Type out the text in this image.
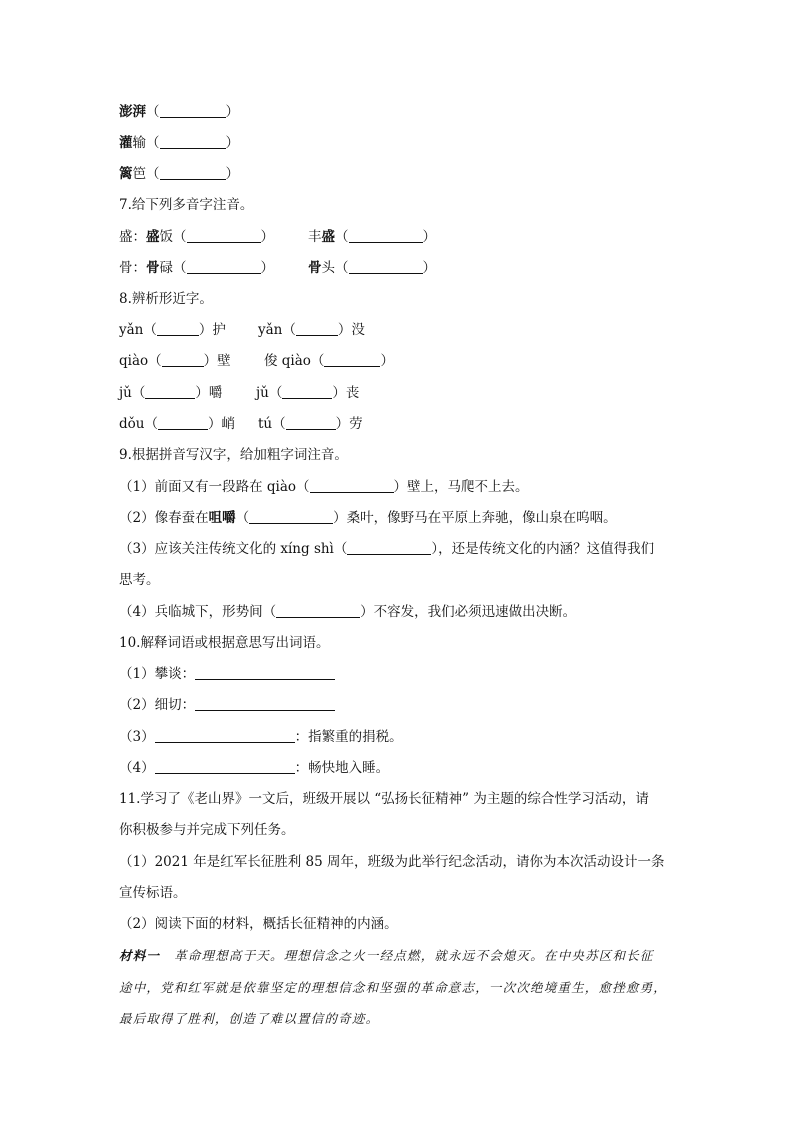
澎湃（	）
灌输（	）
篱笆（	）
7.给下列多音字注音。
盛：盛饭（	）	丰盛（	）
骨：骨碌（	）	骨头（	）
8.辨析形近字。
yǎn（	）护 yǎn（	）没
qiào（	）壁 俊 qiào（	）
jǔ（	）嚼 jǔ（	）丧
dǒu（	）峭 tú（	）劳
9.根据拼音写汉字，给加粗字词注音。
（1）前面又有一段路在 qiào（	）壁上，马爬不上去。
（2）像春蚕在咀嚼（	）桑叶，像野马在平原上奔驰，像山泉在呜咽。
（3）应该关注传统文化的 xíng shì（	），还是传统文化的内涵？这值得我们
思考。
（4）兵临城下，形势间（	）不容发，我们必须迅速做出决断。
10.解释词语或根据意思写出词语。
（1）攀谈：
（2）细切：
（3）	：指繁重的捐税。
（4）	：畅快地入睡。
11.学习了《老山界》一文后，班级开展以 “弘扬长征精神” 为主题的综合性学习活动，请
你积极参与并完成下列任务。
（1）2021 年是红军长征胜利 85 周年，班级为此举行纪念活动，请你为本次活动设计一条
宣传标语。
（2）阅读下面的材料，概括长征精神的内涵。
材料一 革命理想高于天。理想信念之火一经点燃，就永远不会熄灭。在中央苏区和长征
途中，党和红军就是依靠坚定的理想信念和坚强的革命意志，一次次绝境重生，愈挫愈勇，
最后取得了胜利，创造了难以置信的奇迹。
